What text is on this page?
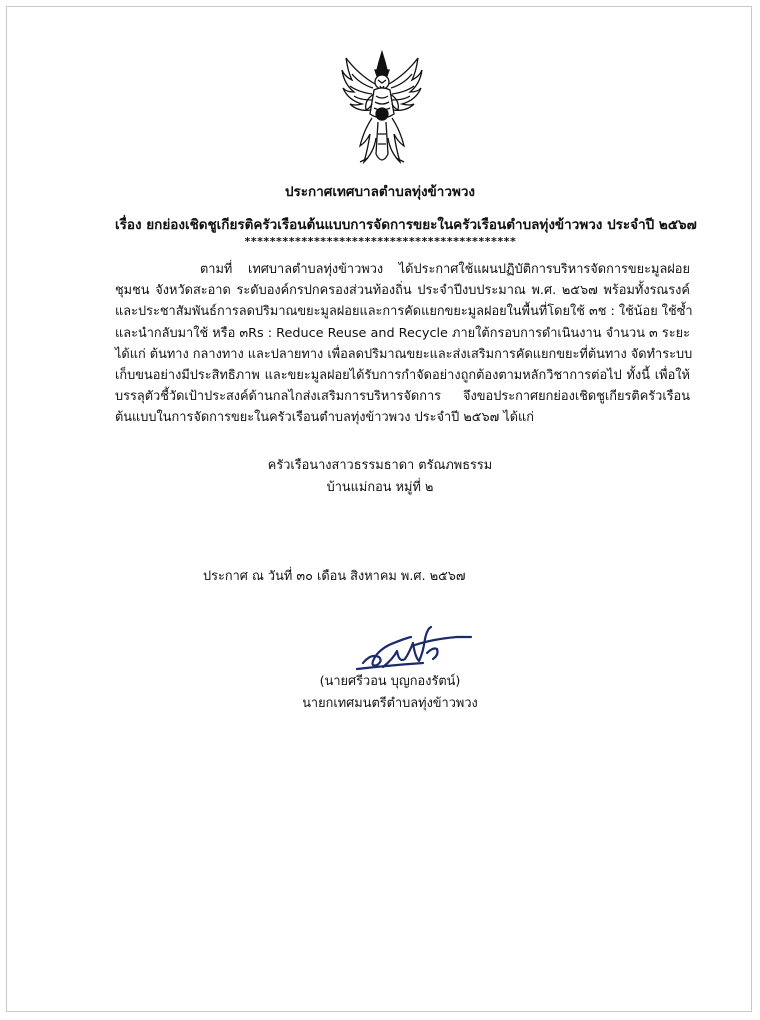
ประกาศเทศบาลตำบลทุ่งข้าวพวง
เรื่อง ยกย่องเชิดชูเกียรติครัวเรือนต้นแบบการจัดการขยะในครัวเรือนตำบลทุ่งข้าวพวง ประจำปี ๒๕๖๗
*******************************************
ตามที่ เทศบาลตำบลทุ่งข้าวพวง ได้ประกาศใช้แผนปฏิบัติการบริหารจัดการขยะมูลฝอย
ชุมชน จังหวัดสะอาด ระดับองค์กรปกครองส่วนท้องถิ่น ประจำปีงบประมาณ พ.ศ. ๒๕๖๗ พร้อมทั้งรณรงค์
และประชาสัมพันธ์การลดปริมาณขยะมูลฝอยและการคัดแยกขยะมูลฝอยในพื้นที่โดยใช้ ๓ช : ใช้น้อย ใช้ซ้ำ
และนำกลับมาใช้ หรือ ๓Rs : Reduce Reuse and Recycle ภายใต้กรอบการดำเนินงาน จำนวน ๓ ระยะ
ได้แก่ ต้นทาง กลางทาง และปลายทาง เพื่อลดปริมาณขยะและส่งเสริมการคัดแยกขยะที่ต้นทาง จัดทำระบบ
เก็บขนอย่างมีประสิทธิภาพ และขยะมูลฝอยได้รับการกำจัดอย่างถูกต้องตามหลักวิชาการต่อไป ทั้งนี้ เพื่อให้
บรรลุตัวชี้วัดเป้าประสงค์ด้านกลไกส่งเสริมการบริหารจัดการ จึงขอประกาศยกย่องเชิดชูเกียรติครัวเรือน
ต้นแบบในการจัดการขยะในครัวเรือนตำบลทุ่งข้าวพวง ประจำปี ๒๕๖๗ ได้แก่
ครัวเรือนางสาวธรรมธาดา ตรัณภพธรรม
บ้านแม่กอน หมู่ที่ ๒
ประกาศ ณ วันที่ ๓๐ เดือน สิงหาคม พ.ศ. ๒๕๖๗
(นายศรีวอน บุญกองรัตน์)
นายกเทศมนตรีตำบลทุ่งข้าวพวง
